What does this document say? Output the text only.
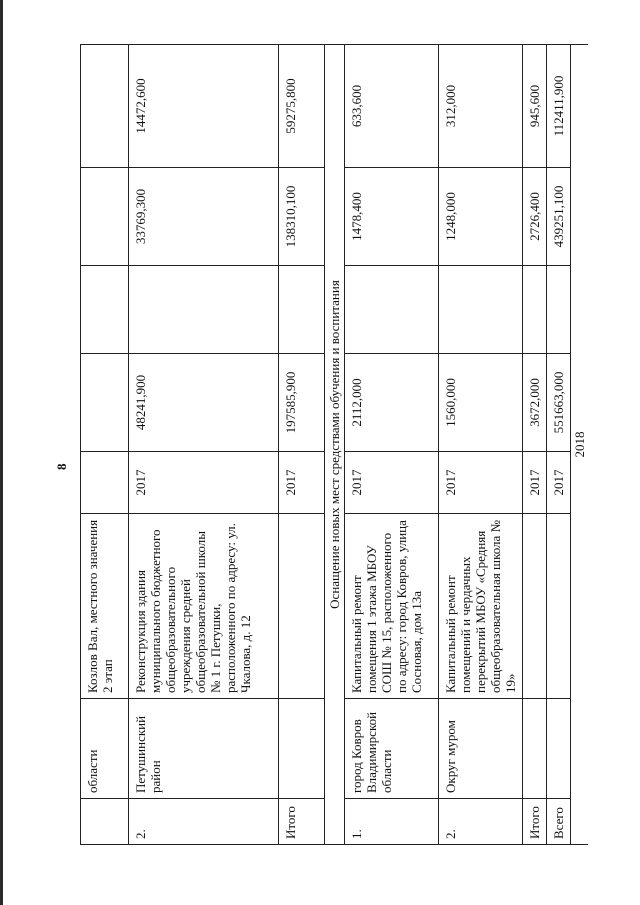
8
	области	Козлов Вал, местного значения 2 этап					
2.	Петушинский район	Реконструкция здания муниципального бюджетного общеобразовательного учреждения средней общеобразовательной школы № 1 г. Петушки, расположенного по адресу: ул. Чкалова, д. 12	2017	48241,900		33769,300	14472,600
Итого			2017	197585,900		138310,100	59275,800
Оснащение новых мест средствами обучения и воспитания							
1.	город Ковров Владимирской области	Капитальный ремонт помещения 1 этажа МБОУ СОШ № 15, расположенного по адресу: город Ковров, улица Сосновая, дом 13а	2017	2112,000		1478,400	633,600
2.	Округ муром	Капитальный ремонт помещений и чердачных перекрытий МБОУ «Средняя общеобразовательная школа № 19»	2017	1560,000		1248,000	312,000
Итого			2017	3672,000		2726,400	945,600
Всего			2017	551663,000		439251,100	112411,900
2018							
